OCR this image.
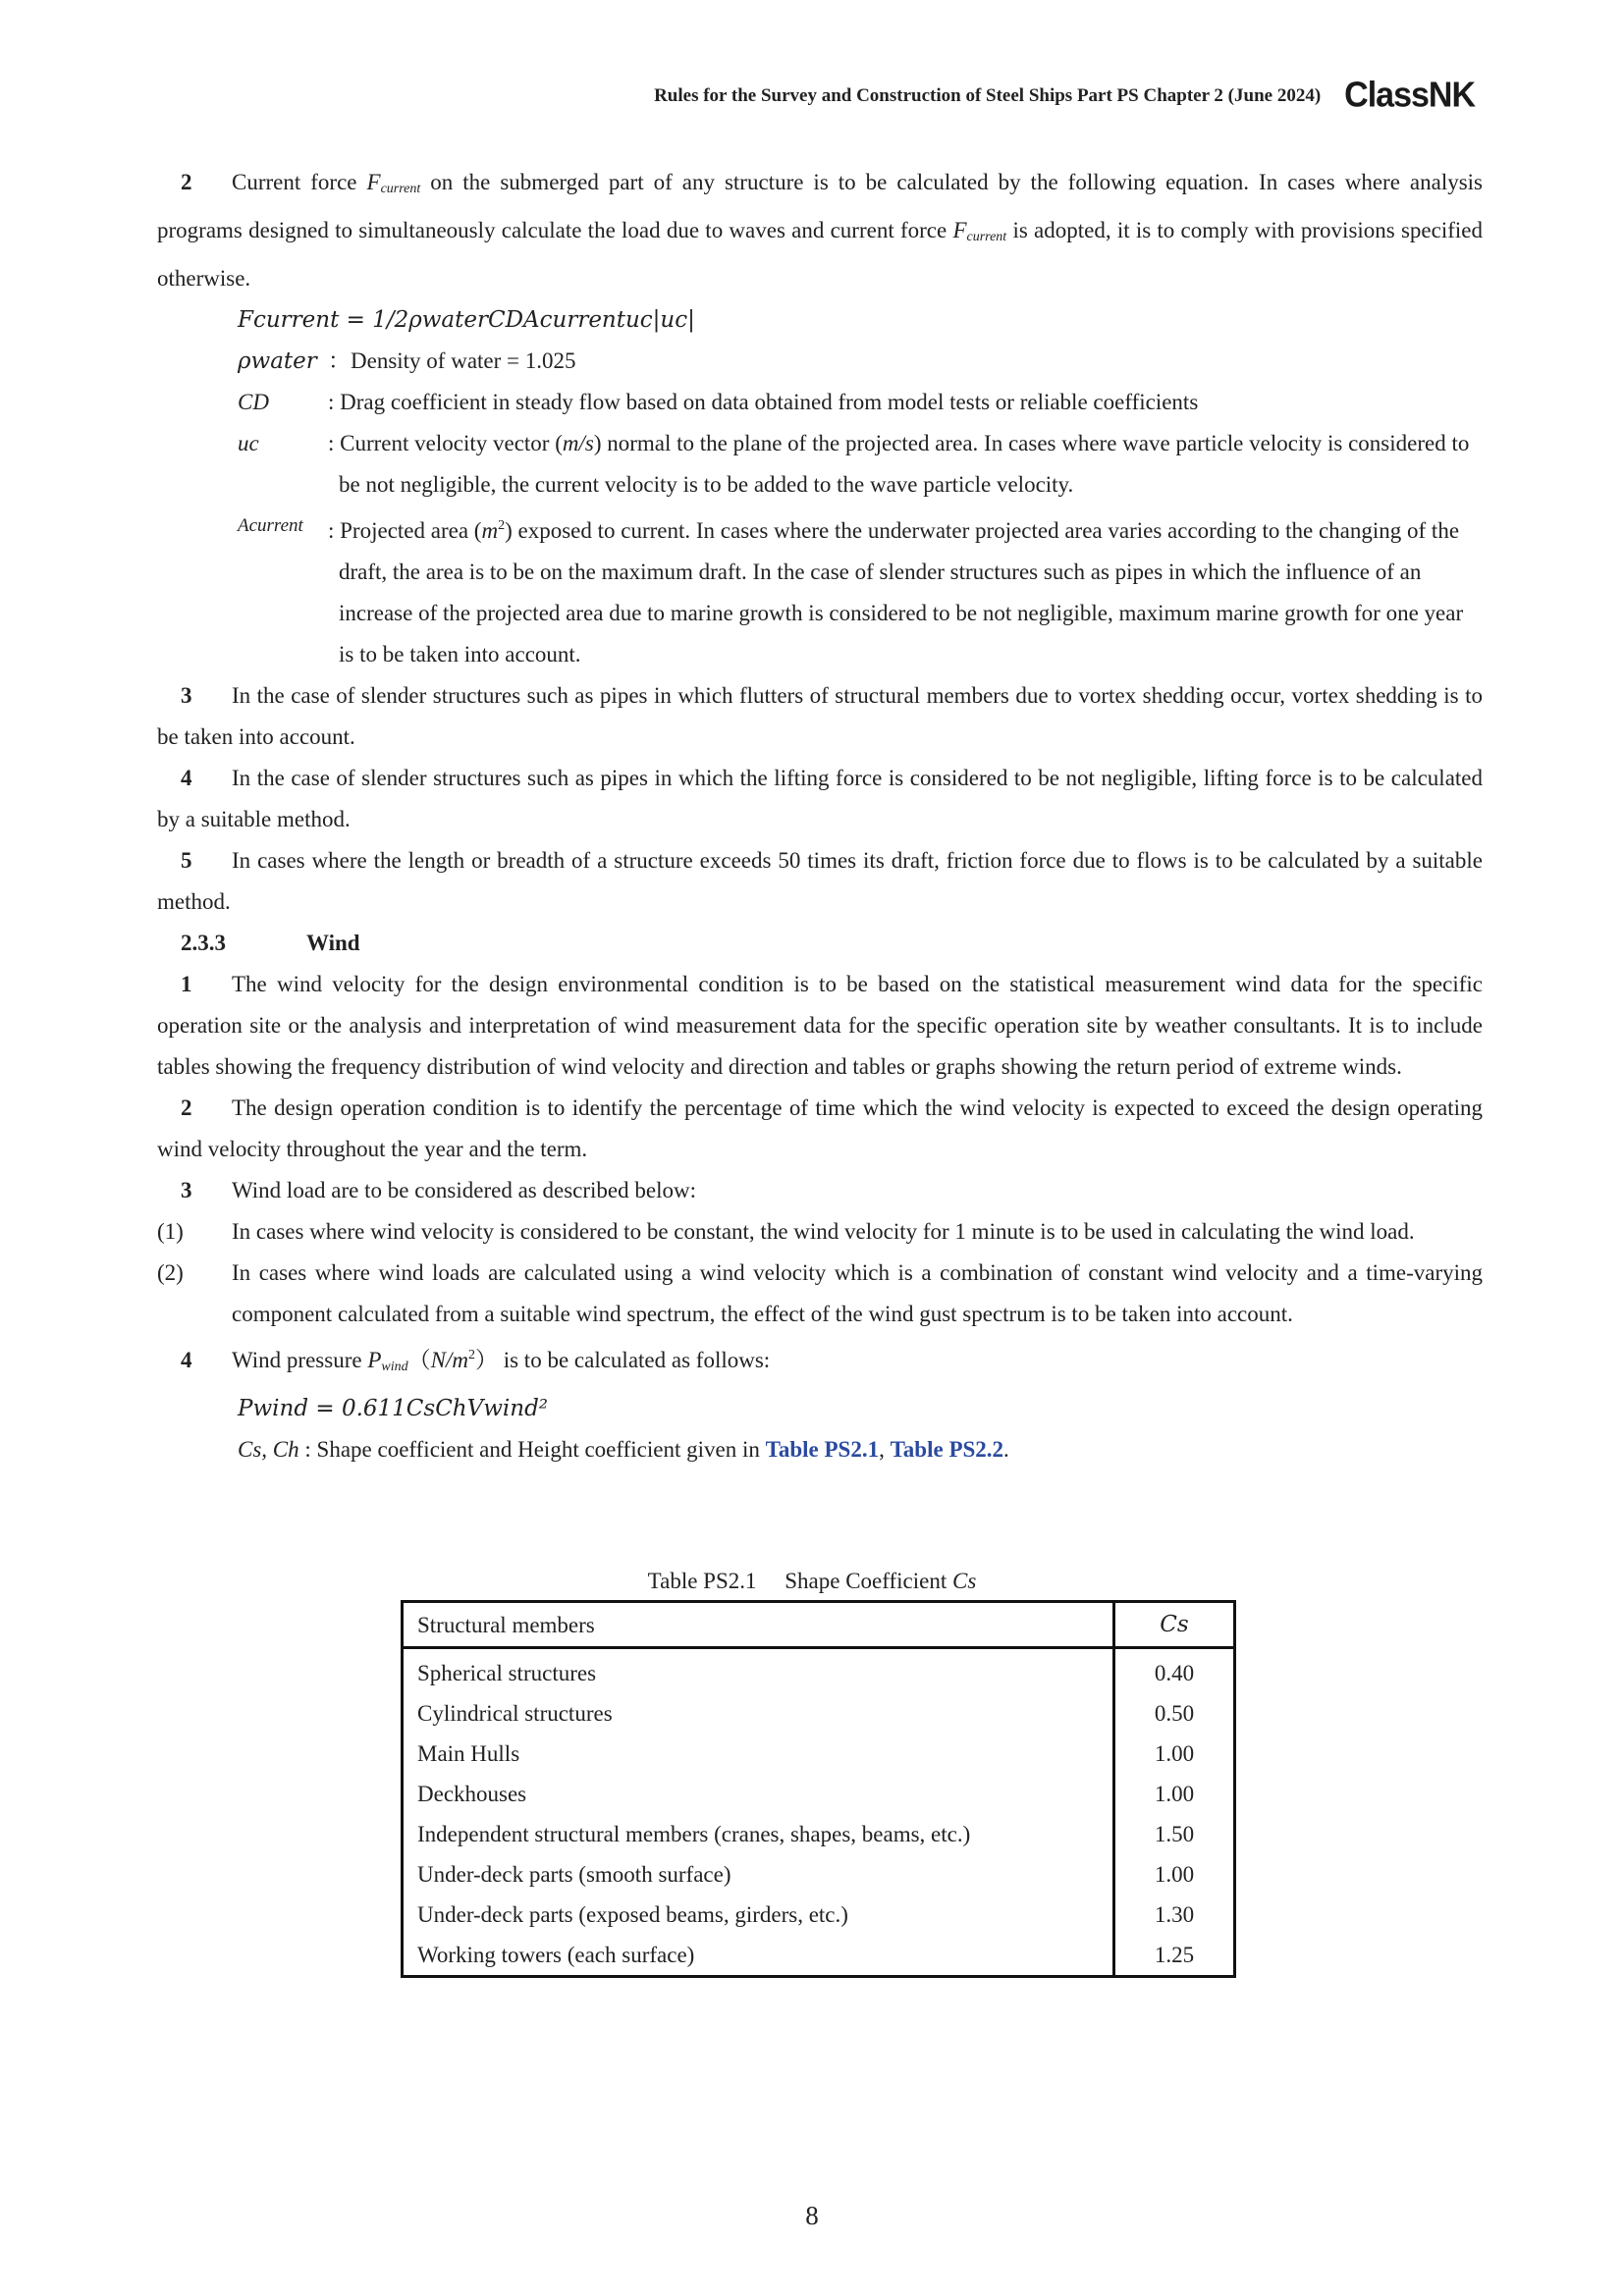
Rules for the Survey and Construction of Steel Ships Part PS Chapter 2 (June 2024) ClassNK

2 Current force $F_{current}$ on the submerged part of any structure is to be calculated by the following equation. In cases where analysis programs designed to simultaneously calculate the load due to waves and current force $F_{current}$ is adopted, it is to comply with provisions specified otherwise.

Fcurrent = 1/2ρwaterCDAcurrentuc|uc|
ρwater ：Density of water = 1.025
CD	: Drag coefficient in steady flow based on data obtained from model tests or reliable coefficients
uc	: Current velocity vector (m/s) normal to the plane of the projected area. In cases where wave particle velocity is considered to be not negligible, the current velocity is to be added to the wave particle velocity.
Acurrent	: Projected area $(m^2)$ exposed to current. In cases where the underwater projected area varies according to the changing of the draft, the area is to be on the maximum draft. In the case of slender structures such as pipes in which the influence of an increase of the projected area due to marine growth is considered to be not negligible, maximum marine growth for one year is to be taken into account.

3 In the case of slender structures such as pipes in which flutters of structural members due to vortex shedding occur, vortex shedding is to be taken into account.

4 In the case of slender structures such as pipes in which the lifting force is considered to be not negligible, lifting force is to be calculated by a suitable method.

5 In cases where the length or breadth of a structure exceeds 50 times its draft, friction force due to flows is to be calculated by a suitable method.

2.3.3	Wind

1 The wind velocity for the design environmental condition is to be based on the statistical measurement wind data for the specific operation site or the analysis and interpretation of wind measurement data for the specific operation site by weather consultants. It is to include tables showing the frequency distribution of wind velocity and direction and tables or graphs showing the return period of extreme winds.

2 The design operation condition is to identify the percentage of time which the wind velocity is expected to exceed the design operating wind velocity throughout the year and the term.

3 Wind load are to be considered as described below:

(1)	In cases where wind velocity is considered to be constant, the wind velocity for 1 minute is to be used in calculating the wind load.
(2)	In cases where wind loads are calculated using a wind velocity which is a combination of constant wind velocity and a time-varying component calculated from a suitable wind spectrum, the effect of the wind gust spectrum is to be taken into account.

4 Wind pressure $P_{wind}(N/m^2)$ is to be calculated as follows:

Pwind = 0.611CsChVwind²
Cs, Ch : Shape coefficient and Height coefficient given in Table PS2.1, Table PS2.2.
Table PS2.1     Shape Coefficient Cs
Structural members	Cs
Spherical structures	0.40
Cylindrical structures	0.50
Main Hulls	1.00
Deckhouses	1.00
Independent structural members (cranes, shapes, beams, etc.)	1.50
Under-deck parts (smooth surface)	1.00
Under-deck parts (exposed beams, girders, etc.)	1.30
Working towers (each surface)	1.25
8
